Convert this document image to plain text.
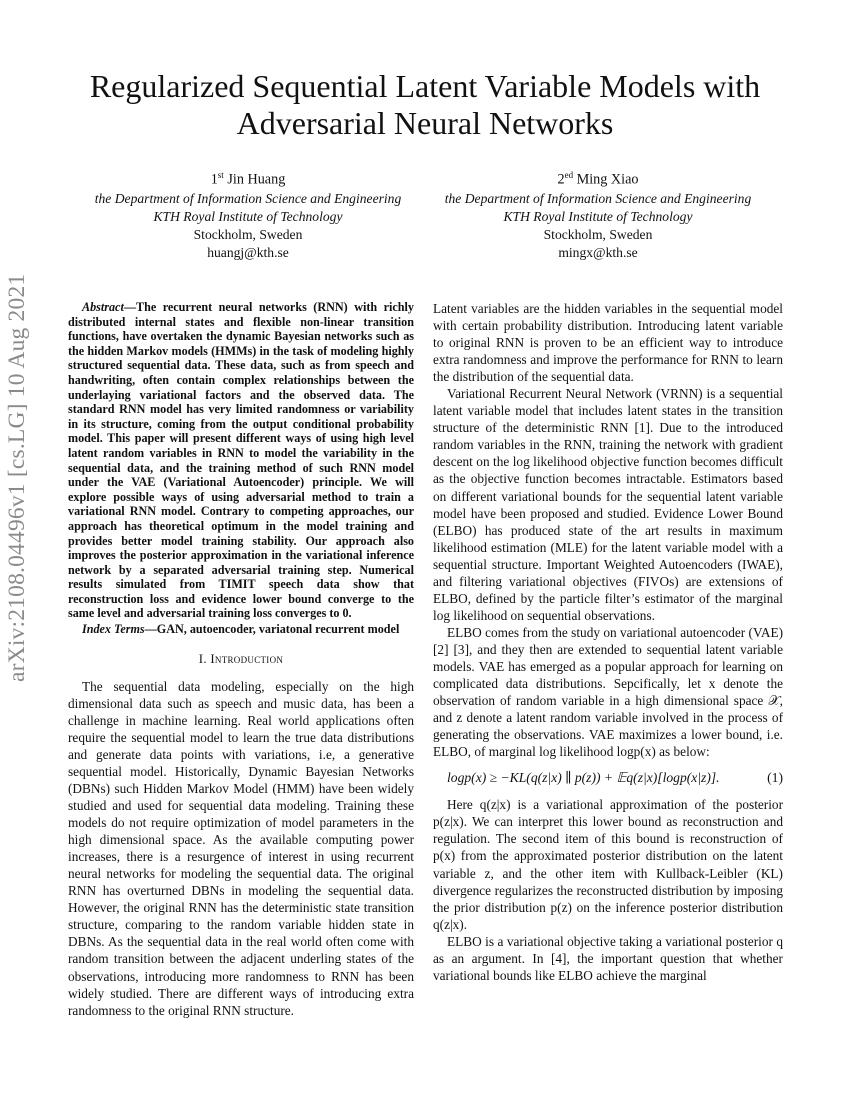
arXiv:2108.04496v1 [cs.LG] 10 Aug 2021
Regularized Sequential Latent Variable Models with Adversarial Neural Networks
1st Jin Huang
the Department of Information Science and Engineering
KTH Royal Institute of Technology
Stockholm, Sweden
huangj@kth.se
$2^{ed}$ Ming Xiao
the Department of Information Science and Engineering
KTH Royal Institute of Technology
Stockholm, Sweden
mingx@kth.se

Abstract—The recurrent neural networks (RNN) with richly distributed internal states and flexible non-linear transition functions, have overtaken the dynamic Bayesian networks such as the hidden Markov models (HMMs) in the task of modeling highly structured sequential data. These data, such as from speech and handwriting, often contain complex relationships between the underlaying variational factors and the observed data. The standard RNN model has very limited randomness or variability in its structure, coming from the output conditional probability model. This paper will present different ways of using high level latent random variables in RNN to model the variability in the sequential data, and the training method of such RNN model under the VAE (Variational Autoencoder) principle. We will explore possible ways of using adversarial method to train a variational RNN model. Contrary to competing approaches, our approach has theoretical optimum in the model training and provides better model training stability. Our approach also improves the posterior approximation in the variational inference network by a separated adversarial training step. Numerical results simulated from TIMIT speech data show that reconstruction loss and evidence lower bound converge to the same level and adversarial training loss converges to 0.

Index Terms—GAN, autoencoder, variatonal recurrent model

I. Introduction

The sequential data modeling, especially on the high dimensional data such as speech and music data, has been a challenge in machine learning. Real world applications often require the sequential model to learn the true data distributions and generate data points with variations, i.e, a generative sequential model. Historically, Dynamic Bayesian Networks (DBNs) such Hidden Markov Model (HMM) have been widely studied and used for sequential data modeling. Training these models do not require optimization of model parameters in the high dimensional space. As the available computing power increases, there is a resurgence of interest in using recurrent neural networks for modeling the sequential data. The original RNN has overturned DBNs in modeling the sequential data. However, the original RNN has the deterministic state transition structure, comparing to the random variable hidden state in DBNs. As the sequential data in the real world often come with random transition between the adjacent underling states of the observations, introducing more randomness to RNN has been widely studied. There are different ways of introducing extra randomness to the original RNN structure.

Latent variables are the hidden variables in the sequential model with certain probability distribution. Introducing latent variable to original RNN is proven to be an efficient way to introduce extra randomness and improve the performance for RNN to learn the distribution of the sequential data.

Variational Recurrent Neural Network (VRNN) is a sequential latent variable model that includes latent states in the transition structure of the deterministic RNN [1]. Due to the introduced random variables in the RNN, training the network with gradient descent on the log likelihood objective function becomes difficult as the objective function becomes intractable. Estimators based on different variational bounds for the sequential latent variable model have been proposed and studied. Evidence Lower Bound (ELBO) has produced state of the art results in maximum likelihood estimation (MLE) for the latent variable model with a sequential structure. Important Weighted Autoencoders (IWAE), and filtering variational objectives (FIVOs) are extensions of ELBO, defined by the particle filter’s estimator of the marginal log likelihood on sequential observations.

ELBO comes from the study on variational autoencoder (VAE) [2] [3], and they then are extended to sequential latent variable models. VAE has emerged as a popular approach for learning on complicated data distributions. Sepcifically, let x denote the observation of random variable in a high dimensional space 𝒳, and z denote a latent random variable involved in the process of generating the observations. VAE maximizes a lower bound, i.e. ELBO, of marginal log likelihood logp(x) as below:

logp(x) ≥ −KL(q(z|x) ∥ p(z)) + 𝔼q(z|x)[logp(x|z)].	(1)

Here q(z|x) is a variational approximation of the posterior p(z|x). We can interpret this lower bound as reconstruction and regulation. The second item of this bound is reconstruction of p(x) from the approximated posterior distribution on the latent variable z, and the other item with Kullback-Leibler (KL) divergence regularizes the reconstructed distribution by imposing the prior distribution p(z) on the inference posterior distribution q(z|x).

ELBO is a variational objective taking a variational posterior q as an argument. In [4], the important question that whether variational bounds like ELBO achieve the marginal
